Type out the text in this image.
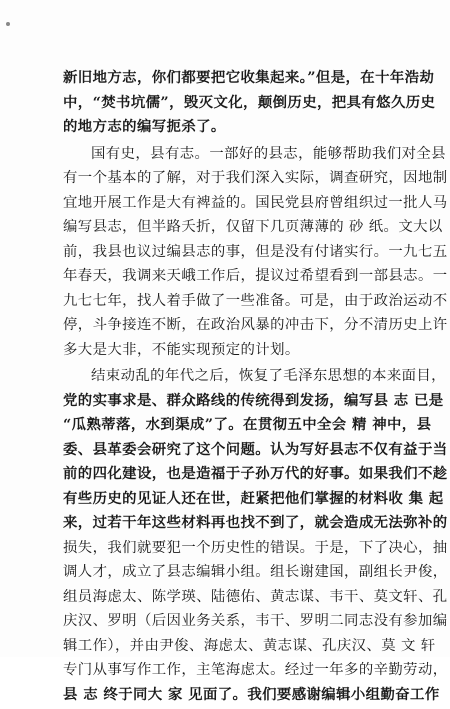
新旧地方志，你们都要把它收集起来。”但是，在十年浩劫
中，“焚书坑儒”，毁灭文化，颠倒历史，把具有悠久历史
的地方志的编写扼杀了。
国有史，县有志。一部好的县志，能够帮助我们对全县
有一个基本的了解，对于我们深入实际，调查研究，因地制
宜地开展工作是大有裨益的。国民党县府曾组织过一批人马
编写县志，但半路夭折，仅留下几页薄薄的 砂 纸。文大以
前，我县也议过编县志的事，但是没有付诸实行。一九七五
年春天，我调来天峨工作后，提议过希望看到一部县志。一
九七七年，找人着手做了一些准备。可是，由于政治运动不
停，斗争接连不断，在政治风暴的冲击下，分不清历史上许
多大是大非，不能实现预定的计划。
结束动乱的年代之后，恢复了毛泽东思想的本来面目，
党的实事求是、群众路线的传统得到发扬，编写县 志 已是
“瓜熟蒂落，水到渠成”了。在贯彻五中全会 精 神中，县
委、县革委会研究了这个问题。认为写好县志不仅有益于当
前的四化建设，也是造福于子孙万代的好事。如果我们不趁
有些历史的见证人还在世，赶紧把他们掌握的材料收 集 起
来，过若干年这些材料再也找不到了，就会造成无法弥补的
损失，我们就要犯一个历史性的错误。于是，下了决心，抽
调人才，成立了县志编辑小组。组长谢建国，副组长尹俊，
组员海虑太、陈学瑛、陆德佑、黄志谋、韦干、莫文轩、孔
庆汉、罗明（后因业务关系，韦干、罗明二同志没有参加编
辑工作），并由尹俊、海虑太、黄志谋、孔庆汉、莫 文 轩
专门从事写作工作，主笔海虑太。经过一年多的辛勤劳动，
县 志 终于同大 家 见面了。我们要感谢编辑小组勤奋工作
